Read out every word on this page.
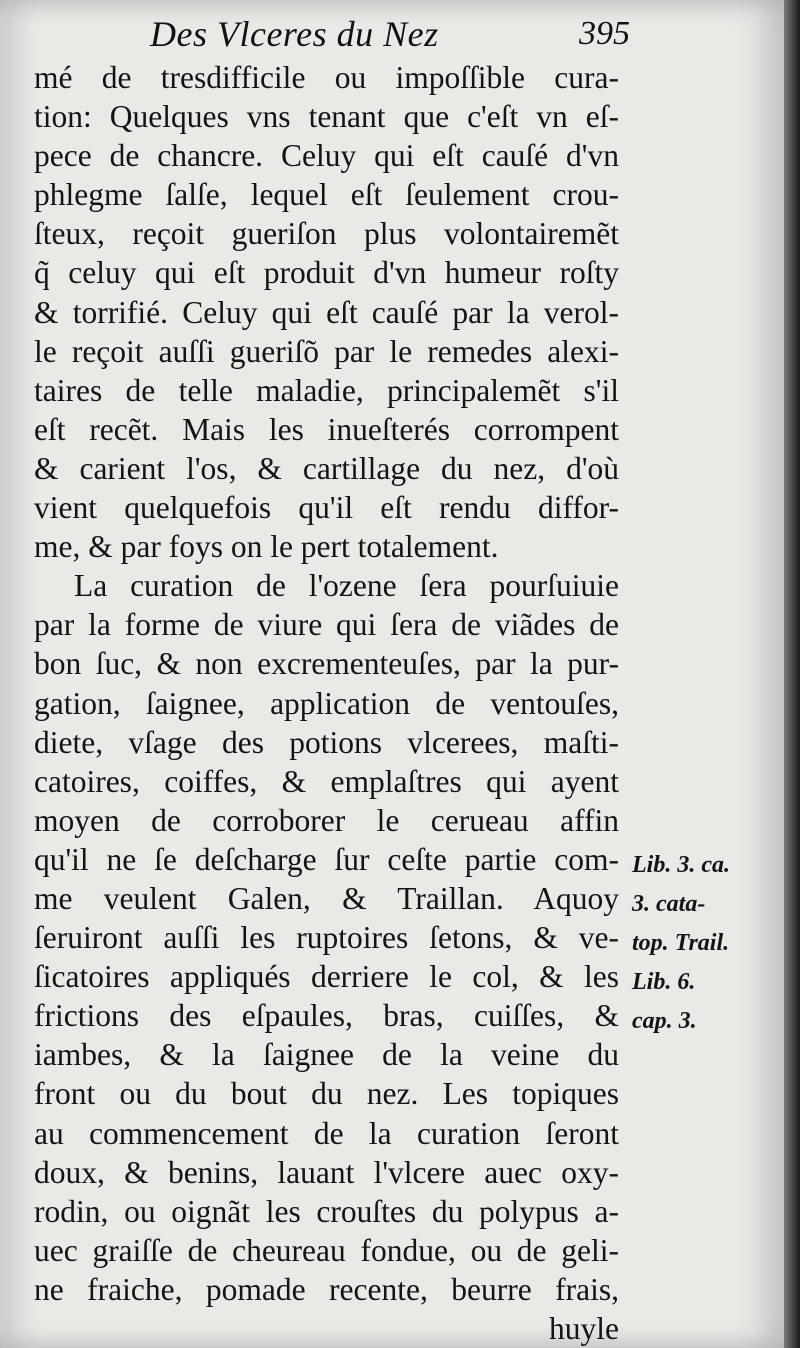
Des Vlceres du Nez	395
mé de tresdifficile ou impoſſible cura-
tion: Quelques vns tenant que c'eſt vn eſ-
pece de chancre. Celuy qui eſt cauſé d'vn
phlegme ſalſe, lequel eſt ſeulement crou-
ſteux, reçoit gueriſon plus volontairemẽt
q̃ celuy qui eſt produit d'vn humeur roſty
& torrifié. Celuy qui eſt cauſé par la verol-
le reçoit auſſi gueriſõ par le remedes alexi-
taires de telle maladie, principalemẽt s'il
eſt recẽt. Mais les inueſterés corrompent
& carient l'os, & cartillage du nez, d'où
vient quelquefois qu'il eſt rendu diffor-
me, & par foys on le pert totalement.
La curation de l'ozene ſera pourſuiuie
par la forme de viure qui ſera de viãdes de
bon ſuc, & non excrementeuſes, par la pur-
gation, ſaignee, application de ventouſes,
diete, vſage des potions vlcerees, maſti-
catoires, coiffes, & emplaſtres qui ayent
moyen de corroborer le cerueau affin
qu'il ne ſe deſcharge ſur ceſte partie com-
me veulent Galen, & Traillan. Aquoy
ſeruiront auſſi les ruptoires ſetons, & ve-
ſicatoires appliqués derriere le col, & les
frictions des eſpaules, bras, cuiſſes, &
iambes, & la ſaignee de la veine du
front ou du bout du nez. Les topiques
au commencement de la curation ſeront
doux, & benins, lauant l'vlcere auec oxy-
rodin, ou oignãt les crouſtes du polypus a-
uec graiſſe de cheureau fondue, ou de geli-
ne fraiche, pomade recente, beurre frais,
huyle
Lib. 3. ca.
3. cata-
top. Trail.
Lib. 6.
cap. 3.
